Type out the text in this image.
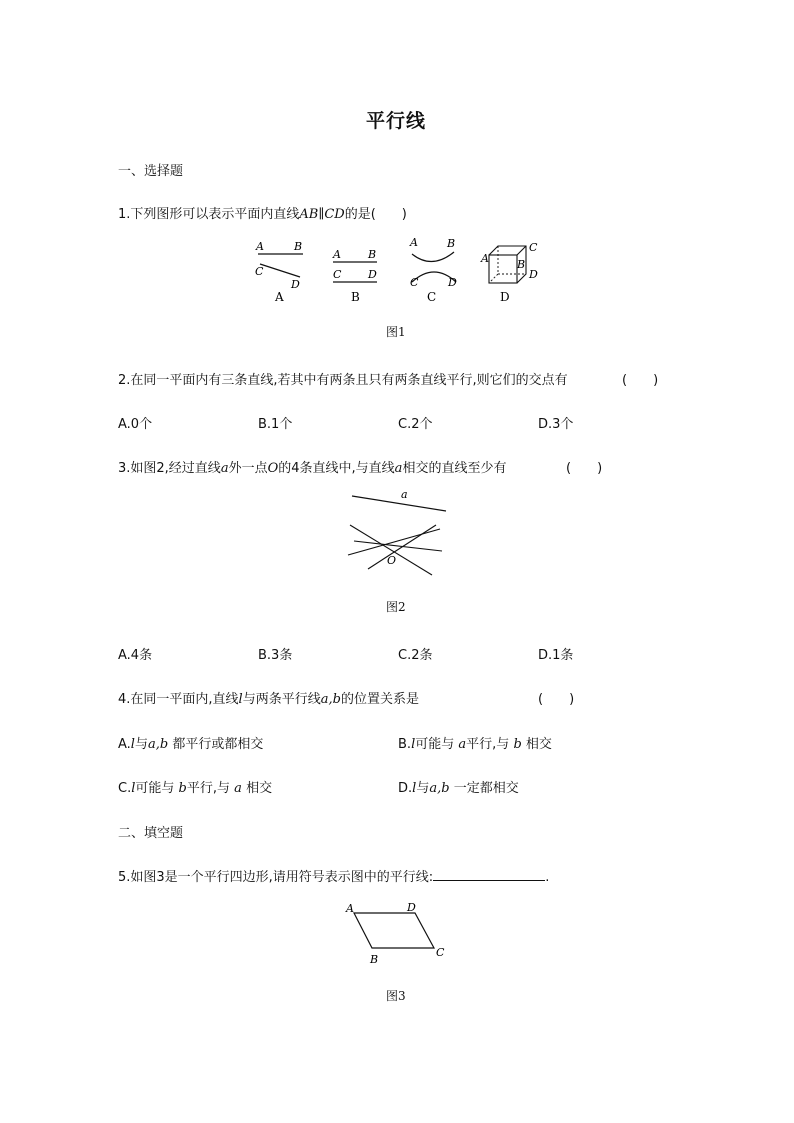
平行线
一、选择题
1.下列图形可以表示平面内直线AB∥CD的是(　　)
A	B
C
D
A
A B
C D
B
A	B
C	D
C
A	B
C
D
D
图1
2.在同一平面内有三条直线,若其中有两条且只有两条直线平行,则它们的交点有	(　　)
A.0个	B.1个	C.2个	D.3个
3.如图2,经过直线a外一点O的4条直线中,与直线a相交的直线至少有	(　　)
a
O
图2
A.4条	B.3条	C.2条	D.1条
4.在同一平面内,直线l与两条平行线a,b的位置关系是	(　　)
A.l与a,b 都平行或都相交	B.l可能与 a平行,与 b 相交
C.l可能与 b平行,与 a 相交	D.l与a,b 一定都相交
二、填空题
5.如图3是一个平行四边形,请用符号表示图中的平行线:	.
A	D
B
C
图3
